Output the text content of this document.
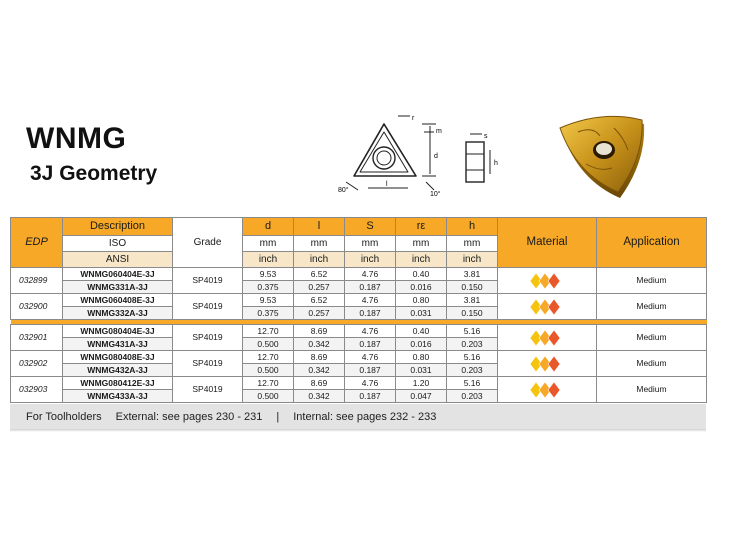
WNMG
3J Geometry
r
m
d
l
80°
10°
s
h
EDP	Description	Grade	d	l	S	rε	h	Material	Application
	ISO		mm	mm	mm	mm	mm		
	ANSI		inch	inch	inch	inch	inch		
032899	WNMG060404E-3J	SP4019	9.53	6.52	4.76	0.40	3.81		Medium
	WNMG331A-3J		0.375	0.257	0.187	0.016	0.150		
032900	WNMG060408E-3J	SP4019	9.53	6.52	4.76	0.80	3.81		Medium
	WNMG332A-3J		0.375	0.257	0.187	0.031	0.150		

032901	WNMG080404E-3J	SP4019	12.70	8.69	4.76	0.40	5.16		Medium
	WNMG431A-3J		0.500	0.342	0.187	0.016	0.203		
032902	WNMG080408E-3J	SP4019	12.70	8.69	4.76	0.80	5.16		Medium
	WNMG432A-3J		0.500	0.342	0.187	0.031	0.203		
032903	WNMG080412E-3J	SP4019	12.70	8.69	4.76	1.20	5.16		Medium
	WNMG433A-3J		0.500	0.342	0.187	0.047	0.203		
For Toolholders External: see pages 230 - 231 | Internal: see pages 232 - 233
